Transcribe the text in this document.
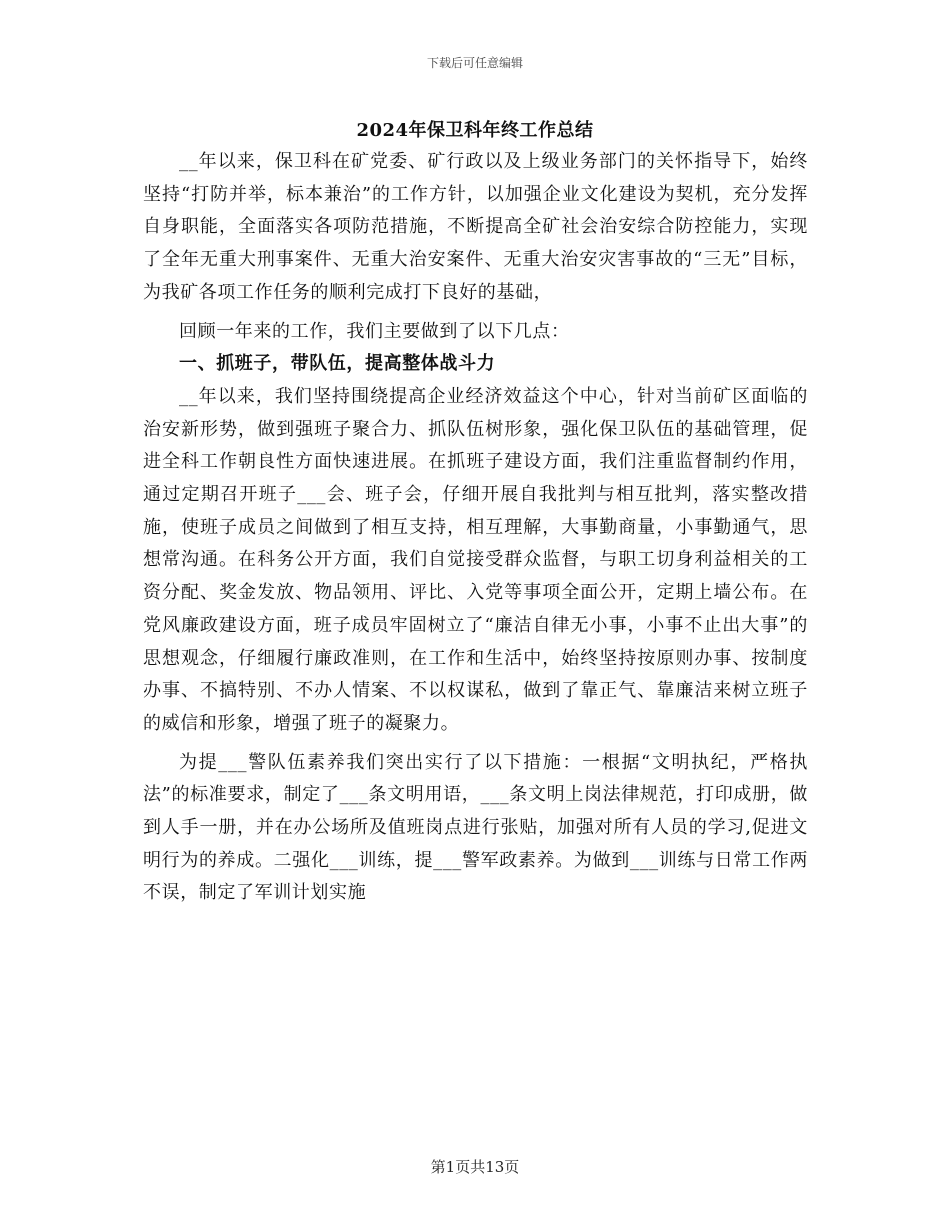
下载后可任意编辑
2024年保卫科年终工作总结

__年以来，保卫科在矿党委、矿行政以及上级业务部门的关怀指导下，始终坚持“打防并举，标本兼治”的工作方针，以加强企业文化建设为契机，充分发挥自身职能，全面落实各项防范措施，不断提高全矿社会治安综合防控能力，实现了全年无重大刑事案件、无重大治安案件、无重大治安灾害事故的“三无”目标，为我矿各项工作任务的顺利完成打下良好的基础，

回顾一年来的工作，我们主要做到了以下几点：

一、抓班子，带队伍，提高整体战斗力

__年以来，我们坚持围绕提高企业经济效益这个中心，针对当前矿区面临的治安新形势，做到强班子聚合力、抓队伍树形象，强化保卫队伍的基础管理，促进全科工作朝良性方面快速进展。在抓班子建设方面，我们注重监督制约作用，通过定期召开班子___会、班子会，仔细开展自我批判与相互批判，落实整改措施，使班子成员之间做到了相互支持，相互理解，大事勤商量，小事勤通气，思想常沟通。在科务公开方面，我们自觉接受群众监督，与职工切身利益相关的工资分配、奖金发放、物品领用、评比、入党等事项全面公开，定期上墙公布。在党风廉政建设方面，班子成员牢固树立了“廉洁自律无小事，小事不止出大事”的思想观念，仔细履行廉政准则，在工作和生活中，始终坚持按原则办事、按制度办事、不搞特别、不办人情案、不以权谋私，做到了靠正气、靠廉洁来树立班子的威信和形象，增强了班子的凝聚力。

为提___警队伍素养我们突出实行了以下措施：一根据“文明执纪，严格执法”的标准要求，制定了___条文明用语，___条文明上岗法律规范，打印成册，做到人手一册，并在办公场所及值班岗点进行张贴，加强对所有人员的学习,促进文明行为的养成。二强化___训练，提___警军政素养。为做到___训练与日常工作两不误，制定了军训计划实施

第1页共13页
